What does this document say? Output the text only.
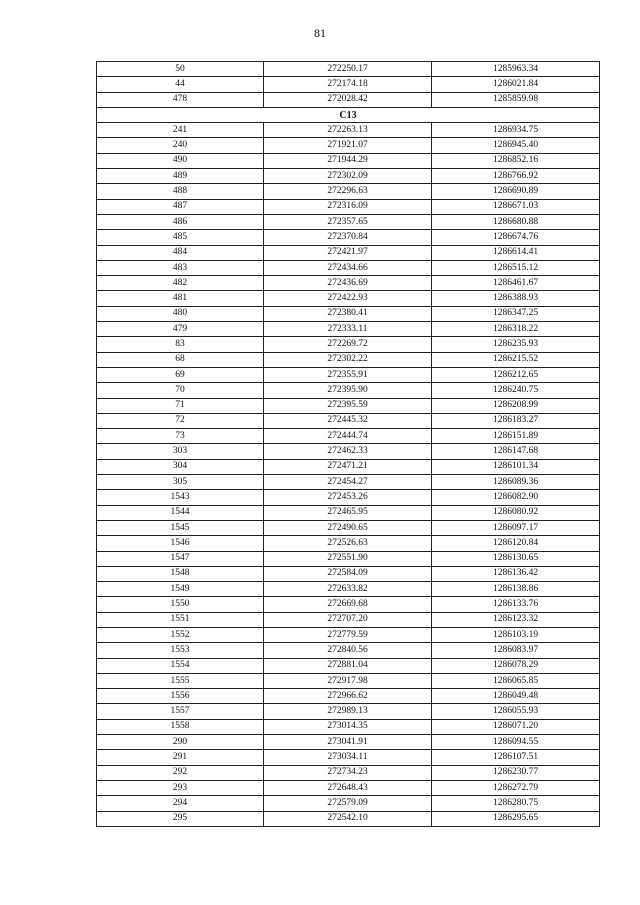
81
50	272250.17	1285963.34
44	272174.18	1286021.84
478	272028.42	1285859.98
C13		
241	272263.13	1286934.75
240	271921.07	1286945.40
490	271944.29	1286852.16
489	272302.09	1286766.92
488	272296.63	1286690.89
487	272316.09	1286671.03
486	272357.65	1286680.88
485	272370.84	1286674.76
484	272421.97	1286614.41
483	272434.66	1286515.12
482	272436.69	1286461.67
481	272422.93	1286388.93
480	272380.41	1286347.25
479	272333.11	1286318.22
83	272269.72	1286235.93
68	272302.22	1286215.52
69	272355.91	1286212.65
70	272395.90	1286240.75
71	272395.59	1286208.99
72	272445.32	1286183.27
73	272444.74	1286151.89
303	272462.33	1286147.68
304	272471.21	1286101.34
305	272454.27	1286089.36
1543	272453.26	1286082.90
1544	272465.95	1286080.92
1545	272490.65	1286097.17
1546	272526.63	1286120.84
1547	272551.90	1286130.65
1548	272584.09	1286136.42
1549	272633.82	1286138.86
1550	272669.68	1286133.76
1551	272707.20	1286123.32
1552	272779.59	1286103.19
1553	272840.56	1286083.97
1554	272881.04	1286078.29
1555	272917.98	1286065.85
1556	272966.62	1286049.48
1557	272989.13	1286055.93
1558	273014.35	1286071.20
290	273041.91	1286094.55
291	273034.11	1286107.51
292	272734.23	1286230.77
293	272648.43	1286272.79
294	272579.09	1286280.75
295	272542.10	1286295.65
